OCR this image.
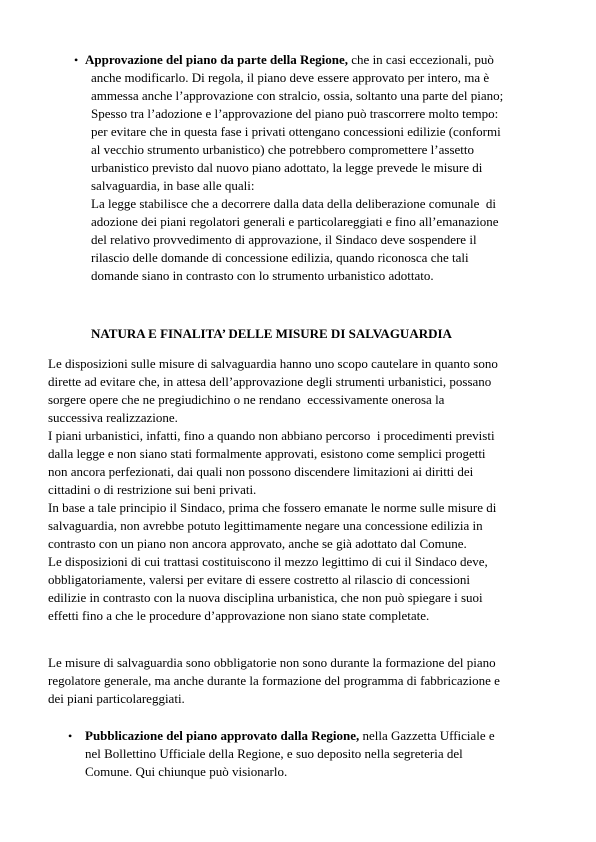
• Approvazione del piano da parte della Regione, che in casi eccezionali, può
anche modificarlo. Di regola, il piano deve essere approvato per intero, ma è
ammessa anche l’approvazione con stralcio, ossia, soltanto una parte del piano;
Spesso tra l’adozione e l’approvazione del piano può trascorrere molto tempo:
per evitare che in questa fase i privati ottengano concessioni edilizie (conformi
al vecchio strumento urbanistico) che potrebbero compromettere l’assetto
urbanistico previsto dal nuovo piano adottato, la legge prevede le misure di
salvaguardia, in base alle quali:
La legge stabilisce che a decorrere dalla data della deliberazione comunale  di
adozione dei piani regolatori generali e particolareggiati e fino all’emanazione
del relativo provvedimento di approvazione, il Sindaco deve sospendere il
rilascio delle domande di concessione edilizia, quando riconosca che tali
domande siano in contrasto con lo strumento urbanistico adottato.
NATURA E FINALITA’ DELLE MISURE DI SALVAGUARDIA
Le disposizioni sulle misure di salvaguardia hanno uno scopo cautelare in quanto sono
dirette ad evitare che, in attesa dell’approvazione degli strumenti urbanistici, possano
sorgere opere che ne pregiudichino o ne rendano  eccessivamente onerosa la
successiva realizzazione.
I piani urbanistici, infatti, fino a quando non abbiano percorso  i procedimenti previsti
dalla legge e non siano stati formalmente approvati, esistono come semplici progetti
non ancora perfezionati, dai quali non possono discendere limitazioni ai diritti dei
cittadini o di restrizione sui beni privati.
In base a tale principio il Sindaco, prima che fossero emanate le norme sulle misure di
salvaguardia, non avrebbe potuto legittimamente negare una concessione edilizia in
contrasto con un piano non ancora approvato, anche se già adottato dal Comune.
Le disposizioni di cui trattasi costituiscono il mezzo legittimo di cui il Sindaco deve,
obbligatoriamente, valersi per evitare di essere costretto al rilascio di concessioni
edilizie in contrasto con la nuova disciplina urbanistica, che non può spiegare i suoi
effetti fino a che le procedure d’approvazione non siano state completate.
Le misure di salvaguardia sono obbligatorie non sono durante la formazione del piano
regolatore generale, ma anche durante la formazione del programma di fabbricazione e
dei piani particolareggiati.
• Pubblicazione del piano approvato dalla Regione, nella Gazzetta Ufficiale e
nel Bollettino Ufficiale della Regione, e suo deposito nella segreteria del
Comune. Qui chiunque può visionarlo.
